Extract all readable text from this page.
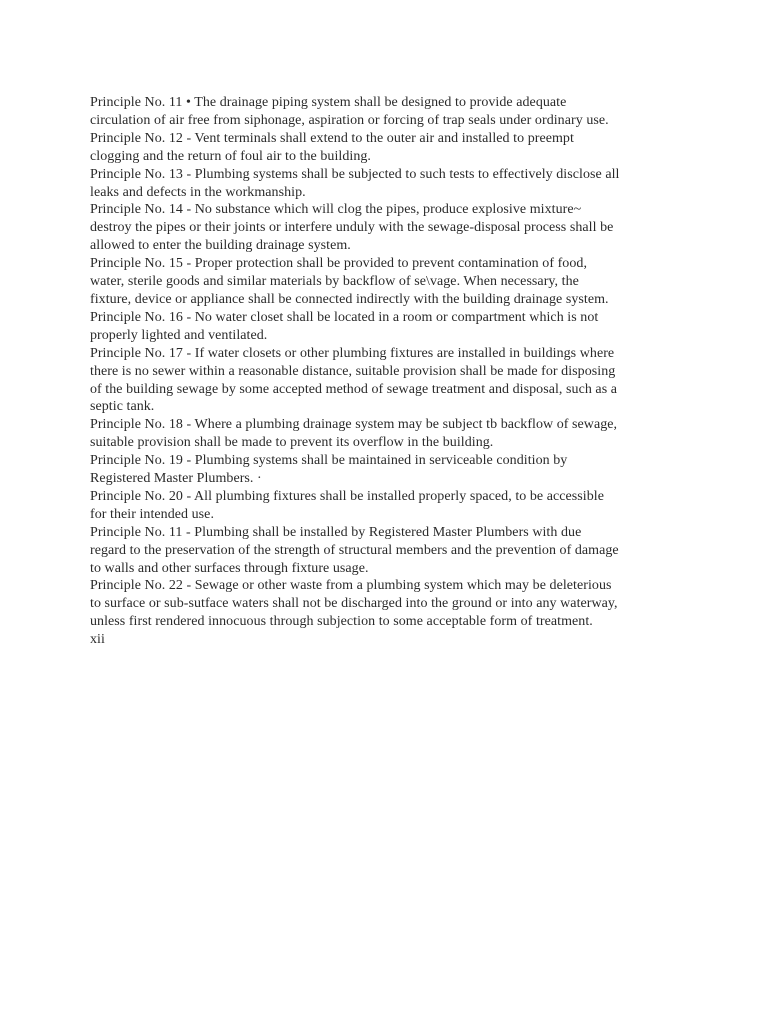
Principle No. 11 • The drainage piping system shall be designed to provide adequate circulation of air free from siphonage, aspiration or forcing of trap seals under ordinary use.

Principle No. 12 - Vent terminals shall extend to the outer air and installed to preempt clogging and the return of foul air to the building.

Principle No. 13 - Plumbing systems shall be subjected to such tests to effectively disclose all leaks and defects in the workmanship.

Principle No. 14 - No substance which will clog the pipes, produce explosive mixture~ destroy the pipes or their joints or interfere unduly with the sewage-disposal process shall be allowed to enter the building drainage system.

Principle No. 15 - Proper protection shall be provided to prevent contamination of food, water, sterile goods and similar materials by backflow of se\vage. When necessary, the fixture, device or appliance shall be connected indirectly with the building drainage system.

Principle No. 16 - No water closet shall be located in a room or compartment which is not properly lighted and ventilated.

Principle No. 17 - If water closets or other plumbing fixtures are installed in buildings where there is no sewer within a reasonable distance, suitable provision shall be made for disposing of the building sewage by some accepted method of sewage treatment and disposal, such as a septic tank.

Principle No. 18 - Where a plumbing drainage system may be subject tb backflow of sewage, suitable provision shall be made to prevent its overflow in the building.

Principle No. 19 - Plumbing systems shall be maintained in serviceable condition by Registered Master Plumbers. ·

Principle No. 20 - All plumbing fixtures shall be installed properly spaced, to be accessible for their intended use.

Principle No. 11 - Plumbing shall be installed by Registered Master Plumbers with due regard to the preservation of the strength of structural members and the prevention of damage to walls and other surfaces through fixture usage.

Principle No. 22 - Sewage or other waste from a plumbing system which may be deleterious to surface or sub-sutface waters shall not be discharged into the ground or into any waterway, unless first rendered innocuous through subjection to some acceptable form of treatment.

xii
